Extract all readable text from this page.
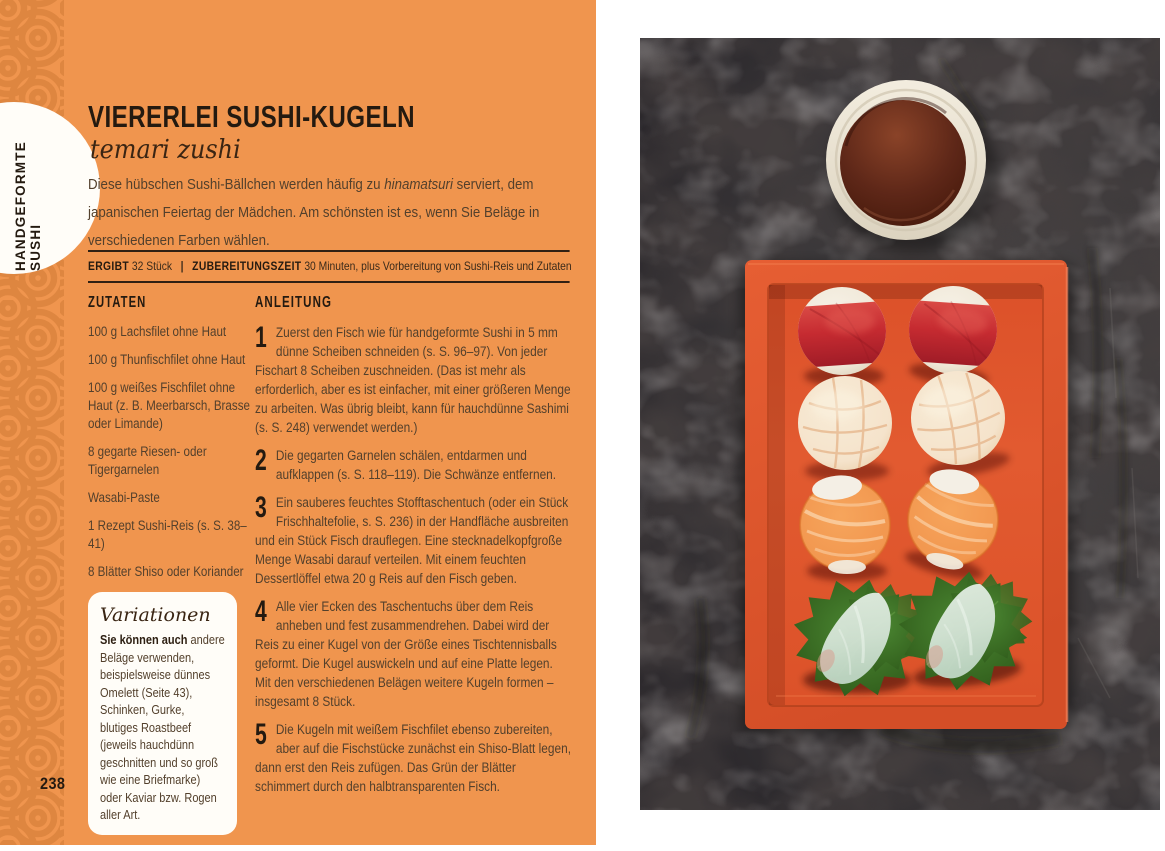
HANDGEFORMTE SUSHI
VIERERLEI SUSHI-KUGELN
temari zushi

Diese hübschen Sushi-Bällchen werden häufig zu hinamatsuri serviert, dem japanischen Feiertag der Mädchen. Am schönsten ist es, wenn Sie Beläge in verschiedenen Farben wählen.

ERGIBT 32 Stück | ZUBEREITUNGSZEIT 30 Minuten, plus Vorbereitung von Sushi-Reis und Zutaten
ZUTATEN
100 g Lachsfilet ohne Haut
100 g Thunfischfilet ohne Haut
100 g weißes Fischfilet ohne Haut (z. B. Meerbarsch, Brasse oder Limande)
8 gegarte Riesen- oder Tigergarnelen
Wasabi-Paste
1 Rezept Sushi-Reis (s. S. 38–41)
8 Blätter Shiso oder Koriander
ANLEITUNG
1 Zuerst den Fisch wie für handgeformte Sushi in 5 mm dünne Scheiben schneiden (s. S. 96–97). Von jeder Fischart 8 Scheiben zuschneiden. (Das ist mehr als erforderlich, aber es ist einfacher, mit einer größeren Menge zu arbeiten. Was übrig bleibt, kann für hauchdünne Sashimi (s. S. 248) verwendet werden.)
2 Die gegarten Garnelen schälen, entdarmen und aufklappen (s. S. 118–119). Die Schwänze entfernen.
3 Ein sauberes feuchtes Stofftaschentuch (oder ein Stück Frischhaltefolie, s. S. 236) in der Handfläche ausbreiten und ein Stück Fisch drauflegen. Eine stecknadelkopfgroße Menge Wasabi darauf verteilen. Mit einem feuchten Dessertlöffel etwa 20 g Reis auf den Fisch geben.
4 Alle vier Ecken des Taschentuchs über dem Reis anheben und fest zusammendrehen. Dabei wird der Reis zu einer Kugel von der Größe eines Tischtennisballs geformt. Die Kugel auswickeln und auf eine Platte legen. Mit den verschiedenen Belägen weitere Kugeln formen – insgesamt 8 Stück.
5 Die Kugeln mit weißem Fischfilet ebenso zubereiten, aber auf die Fischstücke zunächst ein Shiso-Blatt legen, dann erst den Reis zufügen. Das Grün der Blätter schimmert durch den halbtransparenten Fisch.
Variationen

Sie können auch andere Beläge verwenden, beispielsweise dünnes Omelett (Seite 43), Schinken, Gurke, blutiges Roastbeef (jeweils hauchdünn geschnitten und so groß wie eine Briefmarke) oder Kaviar bzw. Rogen aller Art.

238
